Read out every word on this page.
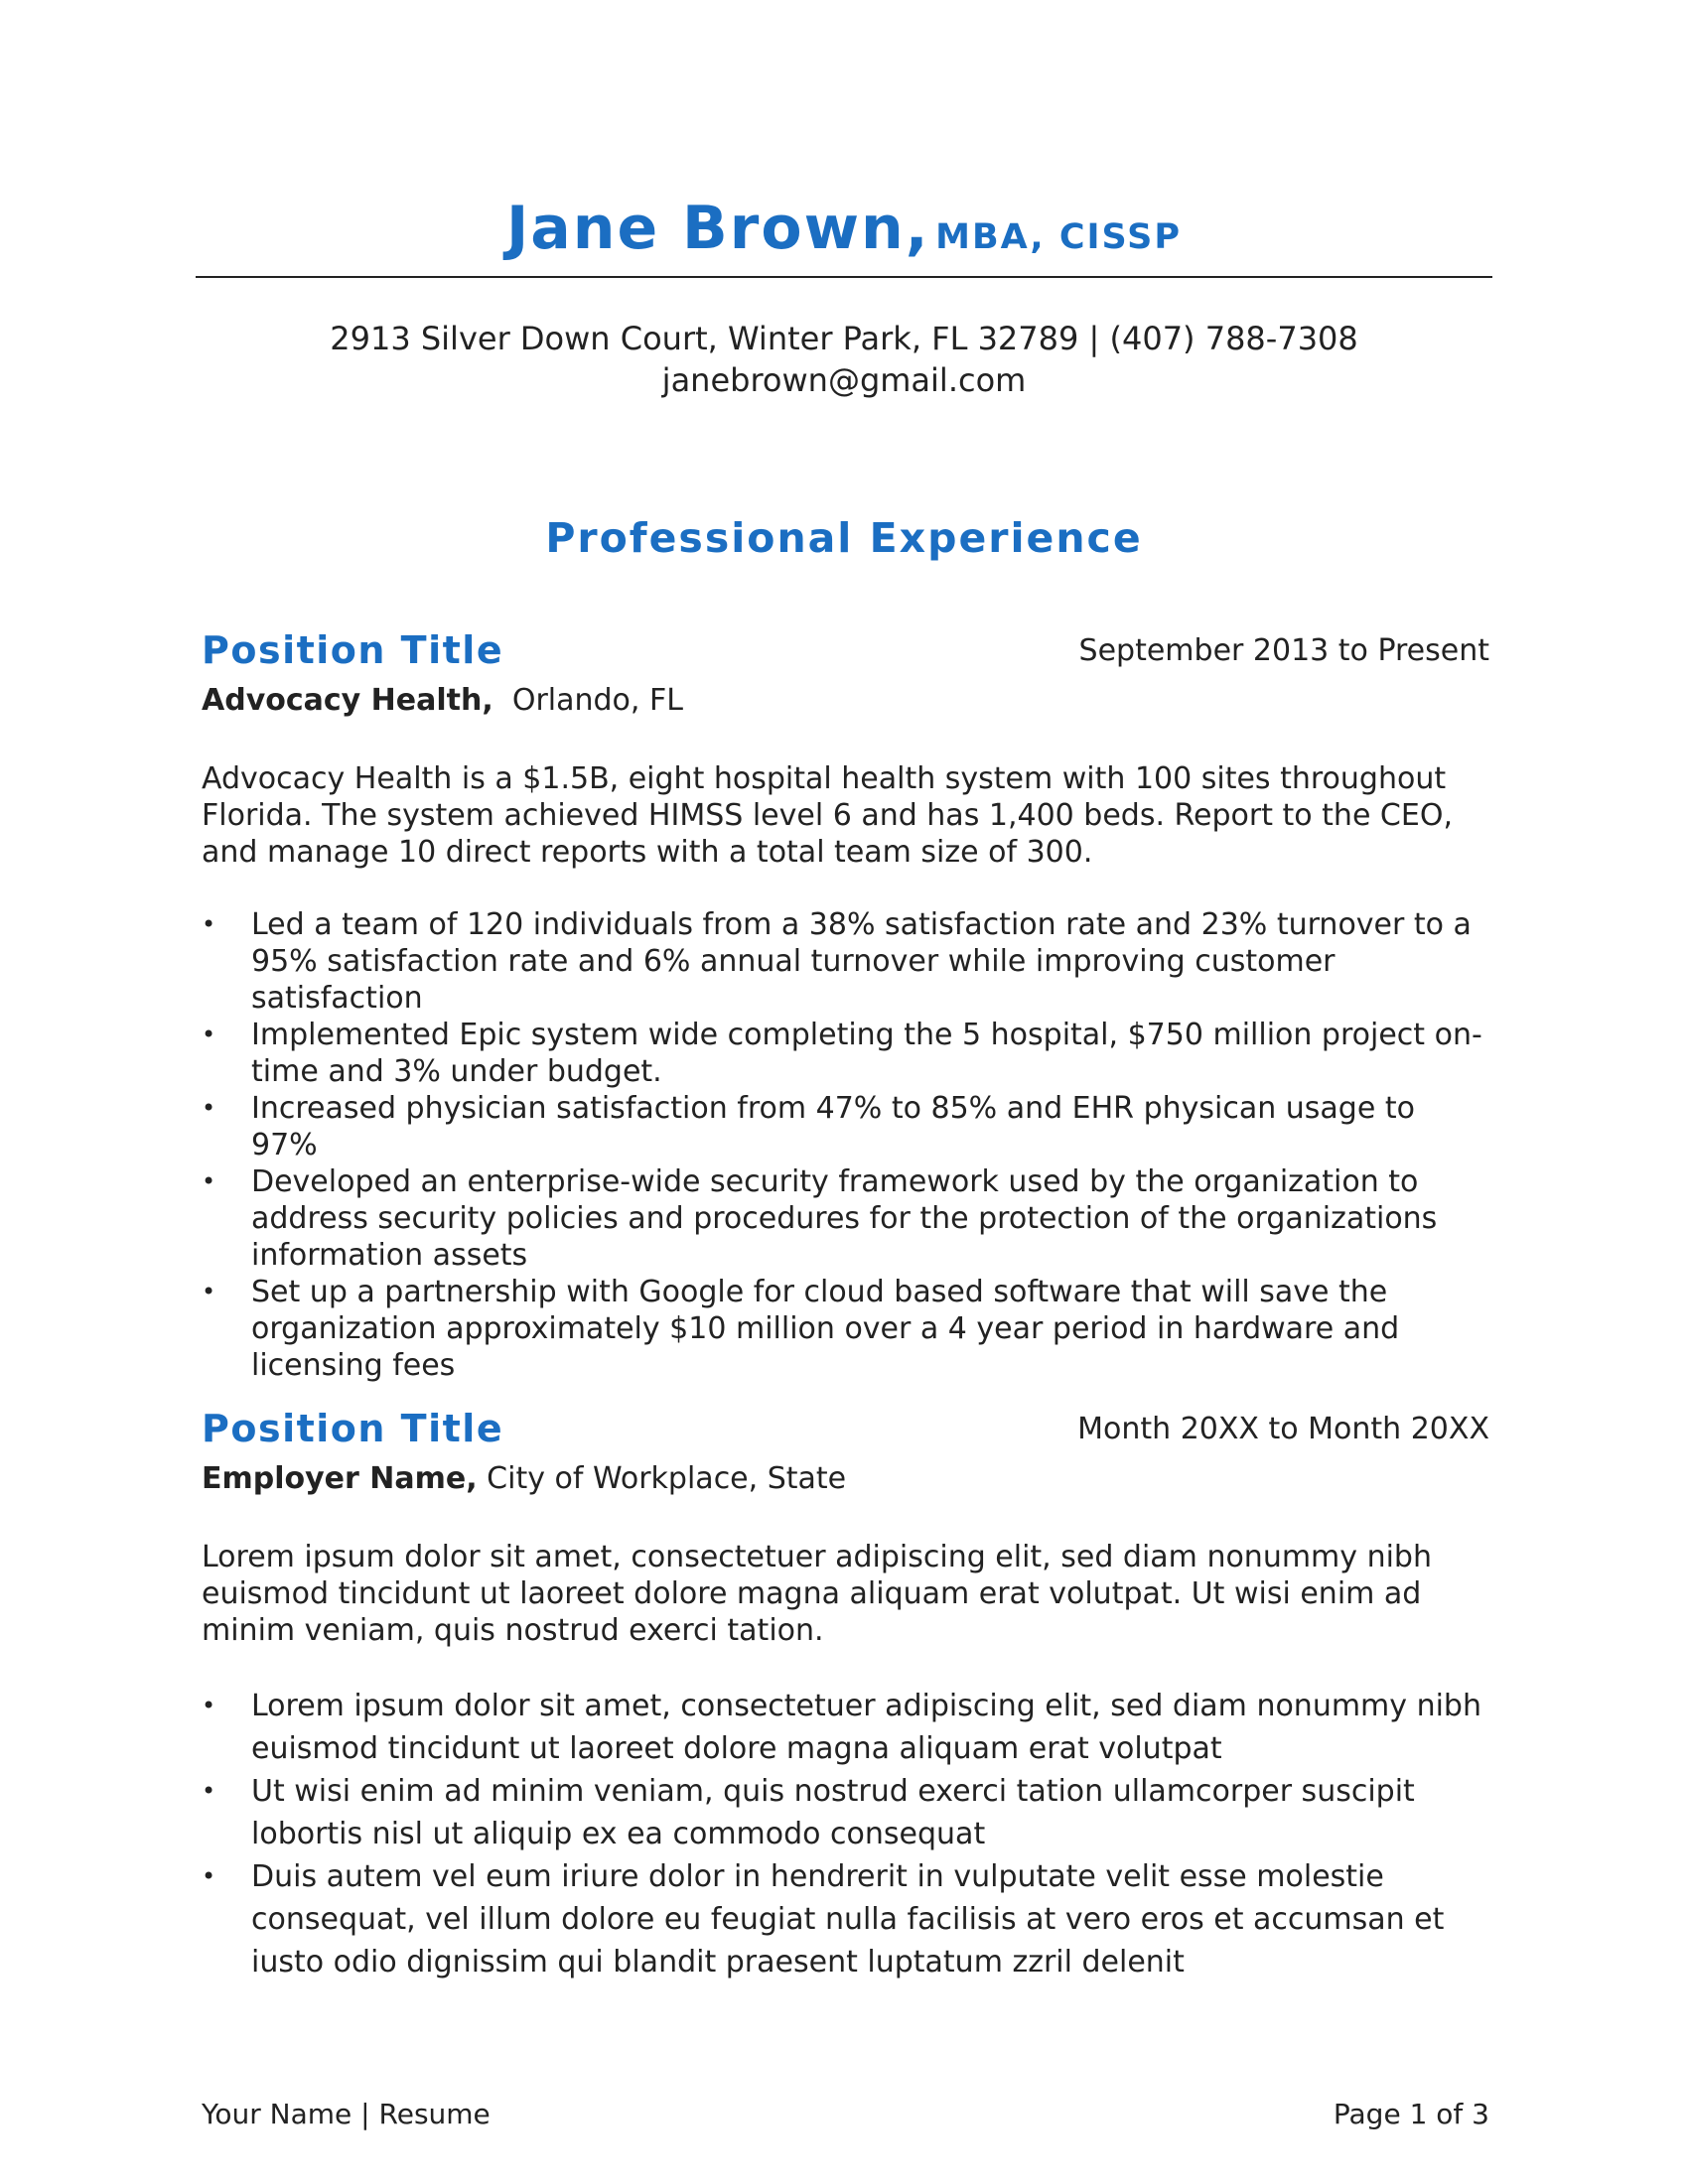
Jane Brown, MBA, CISSP
2913 Silver Down Court, Winter Park, FL 32789 | (407) 788-7308
janebrown@gmail.com
Professional Experience
Position Title	September 2013 to Present
Advocacy Health, Orlando, FL
Advocacy Health is a $1.5B, eight hospital health system with 100 sites throughout Florida. The system achieved HIMSS level 6 and has 1,400 beds. Report to the CEO, and manage 10 direct reports with a total team size of 300.
• Led a team of 120 individuals from a 38% satisfaction rate and 23% turnover to a 95% satisfaction rate and 6% annual turnover while improving customer satisfaction
• Implemented Epic system wide completing the 5 hospital, $750 million project on-time and 3% under budget.
• Increased physician satisfaction from 47% to 85% and EHR physican usage to 97%
• Developed an enterprise-wide security framework used by the organization to address security policies and procedures for the protection of the organizations information assets
• Set up a partnership with Google for cloud based software that will save the organization approximately $10 million over a 4 year period in hardware and licensing fees
Position Title	Month 20XX to Month 20XX
Employer Name, City of Workplace, State
Lorem ipsum dolor sit amet, consectetuer adipiscing elit, sed diam nonummy nibh euismod tincidunt ut laoreet dolore magna aliquam erat volutpat. Ut wisi enim ad minim veniam, quis nostrud exerci tation.
• Lorem ipsum dolor sit amet, consectetuer adipiscing elit, sed diam nonummy nibh euismod tincidunt ut laoreet dolore magna aliquam erat volutpat
• Ut wisi enim ad minim veniam, quis nostrud exerci tation ullamcorper suscipit lobortis nisl ut aliquip ex ea commodo consequat
• Duis autem vel eum iriure dolor in hendrerit in vulputate velit esse molestie consequat, vel illum dolore eu feugiat nulla facilisis at vero eros et accumsan et iusto odio dignissim qui blandit praesent luptatum zzril delenit
Your Name | Resume	Page 1 of 3
